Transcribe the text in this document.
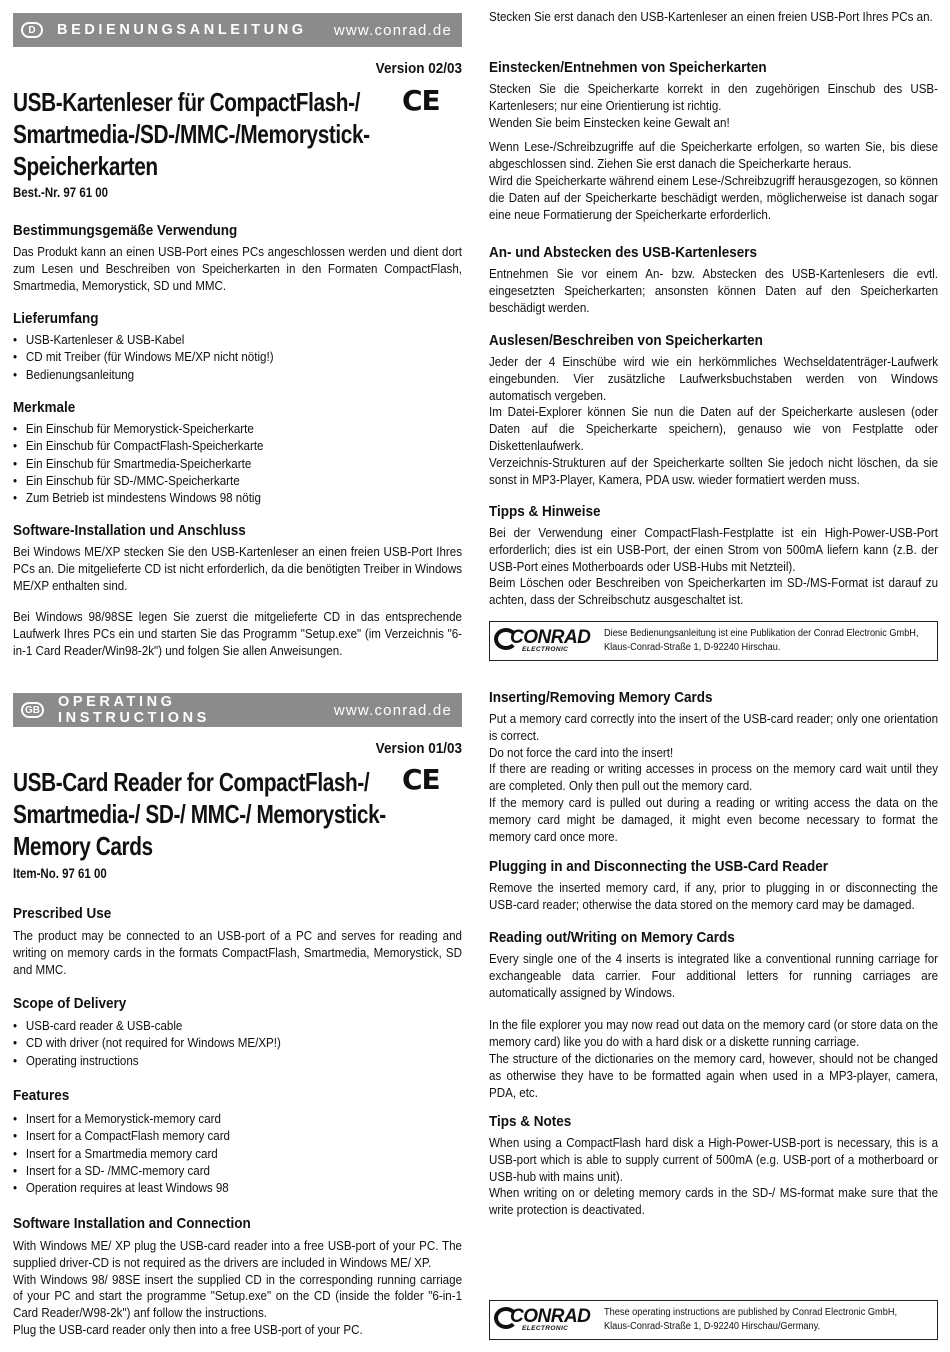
D	BEDIENUNGSANLEITUNG	www.conrad.de
Version 02/03
USB-Kartenleser für CompactFlash-/
Smartmedia-/SD-/MMC-/Memorystick-
Speicherkarten
CE
Best.-Nr. 97 61 00
Bestimmungsgemäße Verwendung
Das Produkt kann an einen USB-Port eines PCs angeschlossen werden und dient dort zum Lesen und Beschreiben von Speicherkarten in den Formaten CompactFlash, Smartmedia, Memorystick, SD und MMC.
Lieferumfang
• USB-Kartenleser & USB-Kabel
• CD mit Treiber (für Windows ME/XP nicht nötig!)
• Bedienungsanleitung
Merkmale
• Ein Einschub für Memorystick-Speicherkarte
• Ein Einschub für CompactFlash-Speicherkarte
• Ein Einschub für Smartmedia-Speicherkarte
• Ein Einschub für SD-/MMC-Speicherkarte
• Zum Betrieb ist mindestens Windows 98 nötig
Software-Installation und Anschluss
Bei Windows ME/XP stecken Sie den USB-Kartenleser an einen freien USB-Port Ihres PCs an. Die mitgelieferte CD ist nicht erforderlich, da die benötigten Treiber in Windows ME/XP enthalten sind.
Bei Windows 98/98SE legen Sie zuerst die mitgelieferte CD in das entsprechende Laufwerk Ihres PCs ein und starten Sie das Programm "Setup.exe" (im Verzeichnis "6-in-1 Card Reader/Win98-2k") und folgen Sie allen Anweisungen.
Stecken Sie erst danach den USB-Kartenleser an einen freien USB-Port Ihres PCs an.
Einstecken/Entnehmen von Speicherkarten
Stecken Sie die Speicherkarte korrekt in den zugehörigen Einschub des USB-Kartenlesers; nur eine Orientierung ist richtig.
Wenden Sie beim Einstecken keine Gewalt an!
Wenn Lese-/Schreibzugriffe auf die Speicherkarte erfolgen, so warten Sie, bis diese abgeschlossen sind. Ziehen Sie erst danach die Speicherkarte heraus.
Wird die Speicherkarte während einem Lese-/Schreibzugriff herausgezogen, so können die Daten auf der Speicherkarte beschädigt werden, möglicherweise ist danach sogar eine neue Formatierung der Speicherkarte erforderlich.
An- und Abstecken des USB-Kartenlesers
Entnehmen Sie vor einem An- bzw. Abstecken des USB-Kartenlesers die evtl. eingesetzten Speicherkarten; ansonsten können Daten auf den Speicherkarten beschädigt werden.
Auslesen/Beschreiben von Speicherkarten
Jeder der 4 Einschübe wird wie ein herkömmliches Wechseldatenträger-Laufwerk eingebunden. Vier zusätzliche Laufwerksbuchstaben werden von Windows automatisch vergeben.
Im Datei-Explorer können Sie nun die Daten auf der Speicherkarte auslesen (oder Daten auf die Speicherkarte speichern), genauso wie von Festplatte oder Diskettenlaufwerk.
Verzeichnis-Strukturen auf der Speicherkarte sollten Sie jedoch nicht löschen, da sie sonst in MP3-Player, Kamera, PDA usw. wieder formatiert werden muss.
Tipps & Hinweise
Bei der Verwendung einer CompactFlash-Festplatte ist ein High-Power-USB-Port erforderlich; dies ist ein USB-Port, der einen Strom von 500mA liefern kann (z.B. der USB-Port eines Motherboards oder USB-Hubs mit Netzteil).
Beim Löschen oder Beschreiben von Speicherkarten im SD-/MS-Format ist darauf zu achten, dass der Schreibschutz ausgeschaltet ist.
CONRAD
ELECTRONIC
Diese Bedienungsanleitung ist eine Publikation der Conrad Electronic GmbH,
Klaus-Conrad-Straße 1, D-92240 Hirschau.
GB OPERATING INSTRUCTIONS	www.conrad.de
Version 01/03
USB-Card Reader for CompactFlash-/
Smartmedia-/ SD-/ MMC-/ Memorystick-
Memory Cards
CE
Item-No. 97 61 00
Prescribed Use
The product may be connected to an USB-port of a PC and serves for reading and writing on memory cards in the formats CompactFlash, Smartmedia, Memorystick, SD and MMC.
Scope of Delivery
• USB-card reader & USB-cable
• CD with driver (not required for Windows ME/XP!)
• Operating instructions
Features
• Insert for a Memorystick-memory card
• Insert for a CompactFlash memory card
• Insert for a Smartmedia memory card
• Insert for a SD- /MMC-memory card
• Operation requires at least Windows 98
Software Installation and Connection
With Windows ME/ XP plug the USB-card reader into a free USB-port of your PC. The supplied driver-CD is not required as the drivers are included in Windows ME/ XP.
With Windows 98/ 98SE insert the supplied CD in the corresponding running carriage of your PC and start the programme "Setup.exe" on the CD (inside the folder "6-in-1 Card Reader/W98-2k") anf follow the instructions.
Plug the USB-card reader only then into a free USB-port of your PC.
Inserting/Removing Memory Cards
Put a memory card correctly into the insert of the USB-card reader; only one orientation is correct.
Do not force the card into the insert!
If there are reading or writing accesses in process on the memory card wait until they are completed. Only then pull out the memory card.
If the memory card is pulled out during a reading or writing access the data on the memory card might be damaged, it might even become necessary to format the memory card once more.
Plugging in and Disconnecting the USB-Card Reader
Remove the inserted memory card, if any, prior to plugging in or disconnecting the USB-card reader; otherwise the data stored on the memory card may be damaged.
Reading out/Writing on Memory Cards
Every single one of the 4 inserts is integrated like a conventional running carriage for exchangeable data carrier. Four additional letters for running carriages are automatically assigned by Windows.
In the file explorer you may now read out data on the memory card (or store data on the memory card) like you do with a hard disk or a diskette running carriage.
The structure of the dictionaries on the memory card, however, should not be changed as otherwise they have to be formatted again when used in a MP3-player, camera, PDA, etc.
Tips & Notes
When using a CompactFlash hard disk a High-Power-USB-port is necessary, this is a USB-port which is able to supply current of 500mA (e.g. USB-port of a motherboard or USB-hub with mains unit).
When writing on or deleting memory cards in the SD-/ MS-format make sure that the write protection is deactivated.
CONRAD
ELECTRONIC
These operating instructions are published by Conrad Electronic GmbH,
Klaus-Conrad-Straße 1, D-92240 Hirschau/Germany.
